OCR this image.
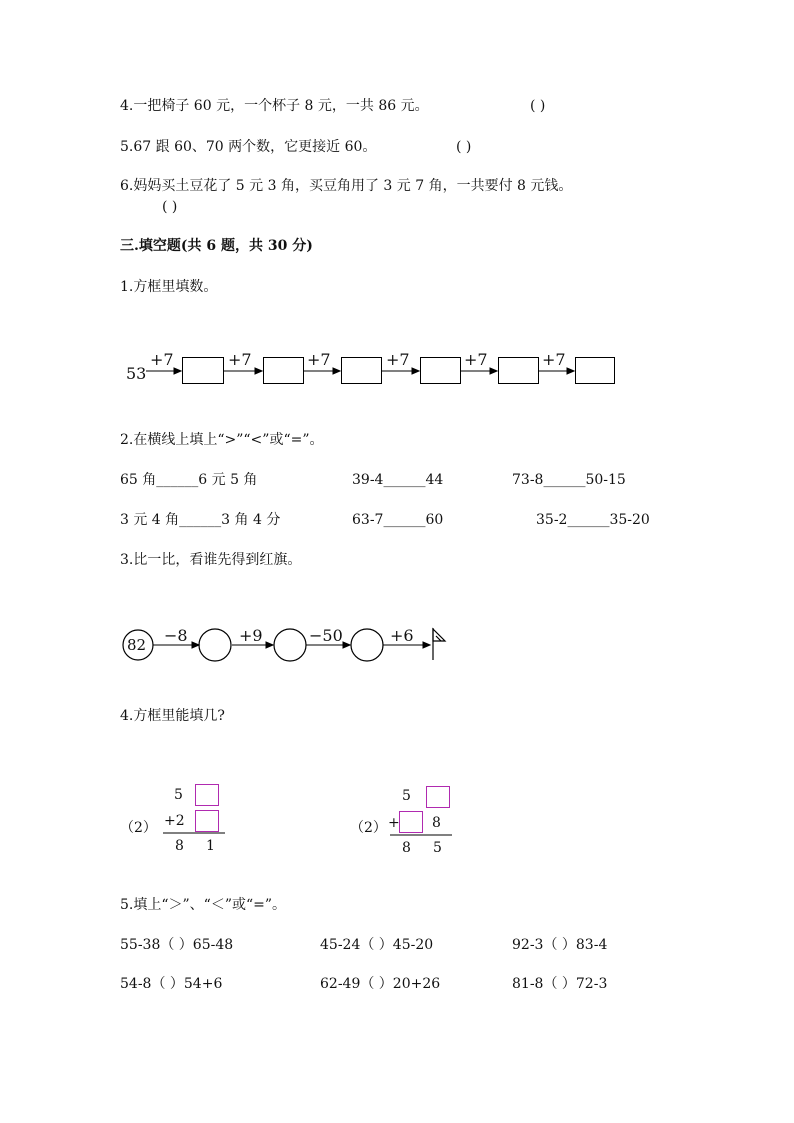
4.一把椅子 60 元，一个杯子 8 元，一共 86 元。	( )
5.67 跟 60、70 两个数，它更接近 60。	( )
6.妈妈买土豆花了 5 元 3 角，买豆角用了 3 元 7 角，一共要付 8 元钱。
( )
三.填空题(共 6 题，共 30 分)
1.方框里填数。
53
+7	+7	+7	+7	+7	+7
2.在横线上填上“>”“<”或“=”。
65 角______6 元 5 角	39-4______44	73-8______50-15
3 元 4 角______3 角 4 分	63-7______60	35-2______35-20
3.比一比，看谁先得到红旗。
82 −8	+9	−50	+6
4.方框里能填几?
5
（2） +2
8 1
5
（2） + 8
8 5
5.填上“＞”、“＜”或“=”。
55-38（ ）65-48	45-24（ ）45-20	92-3（ ）83-4
54-8（ ）54+6	62-49（ ）20+26	81-8（ ）72-3
